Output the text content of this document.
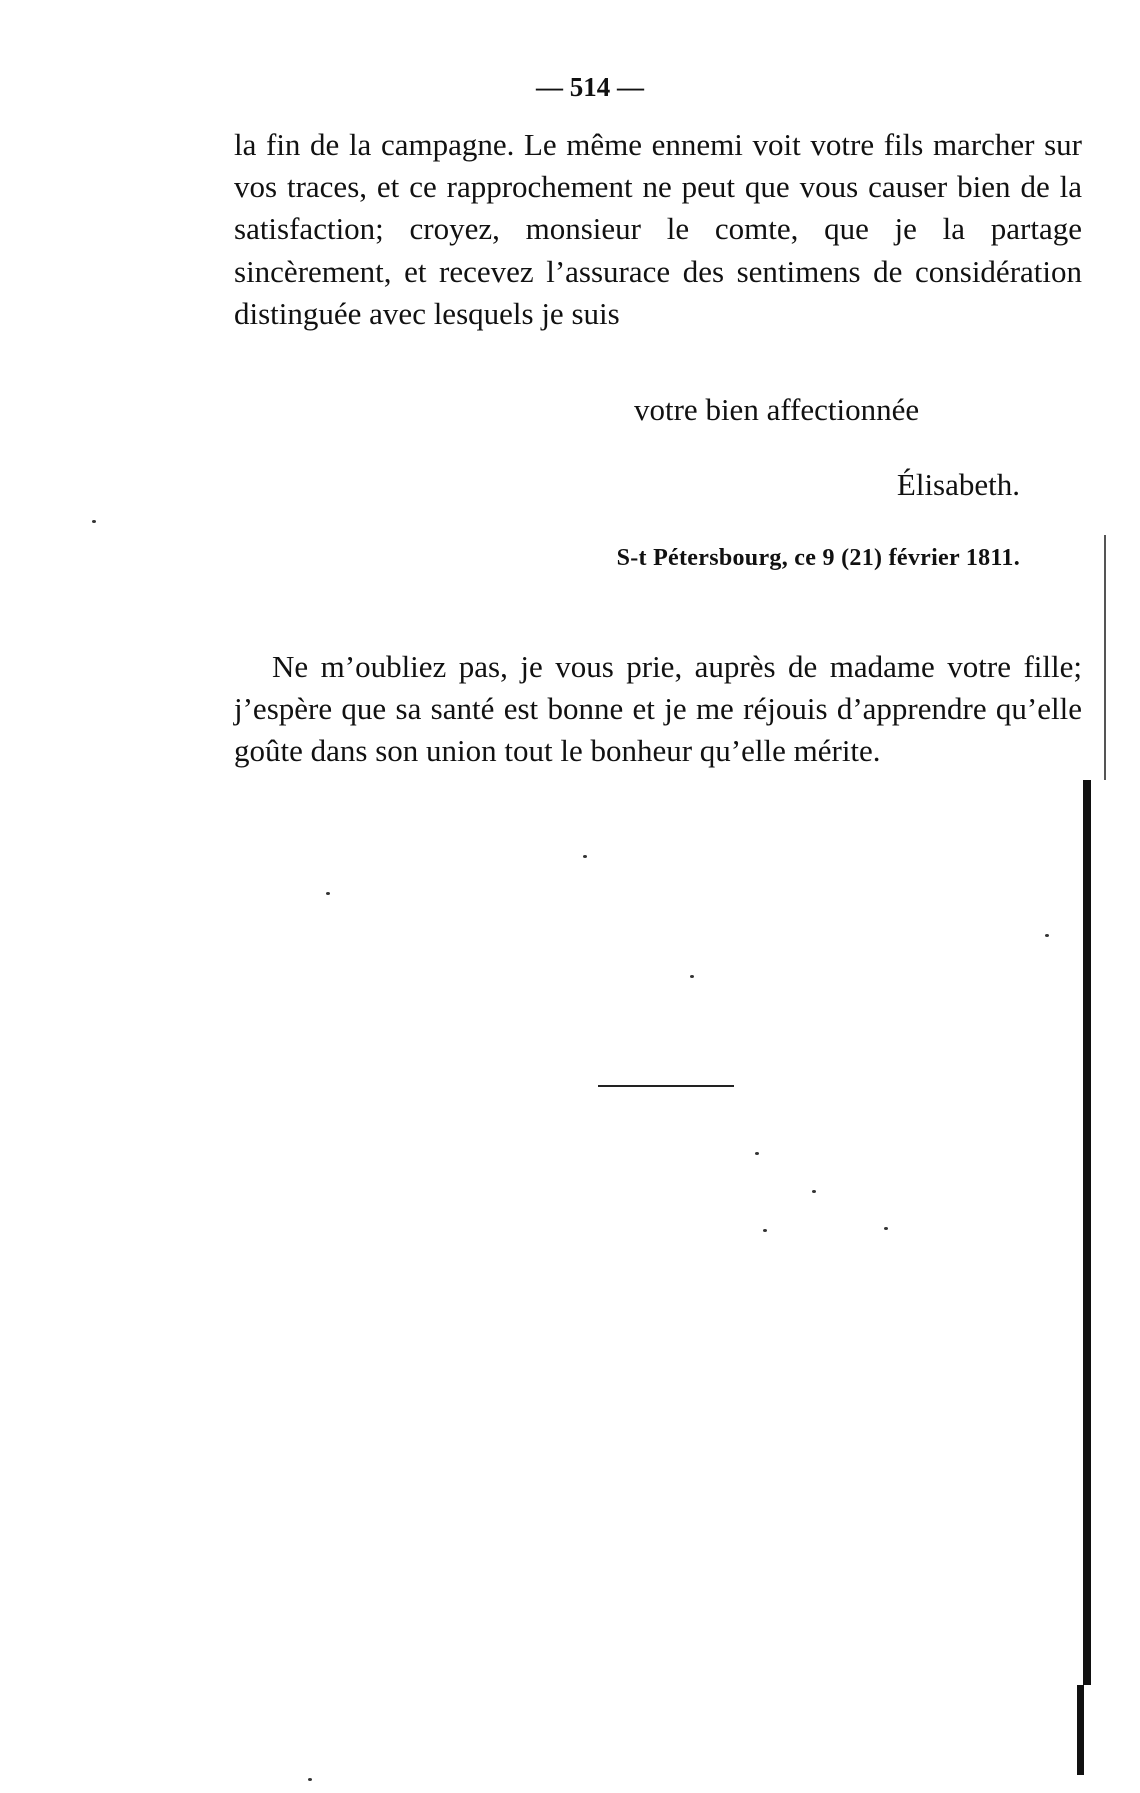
— 514 —

la fin de la campagne. Le même ennemi voit votre fils marcher sur vos traces, et ce rapprochement ne peut que vous causer bien de la satisfaction; croyez, monsieur le comte, que je la partage sincèrement, et recevez l’assurace des sentimens de considération distinguée avec lesquels je suis

votre bien affectionnée

Élisabeth.

S-t Pétersbourg, ce 9 (21) février 1811.

Ne m’oubliez pas, je vous prie, auprès de madame votre fille; j’espère que sa santé est bonne et je me réjouis d’apprendre qu’elle goûte dans son union tout le bonheur qu’elle mérite.
